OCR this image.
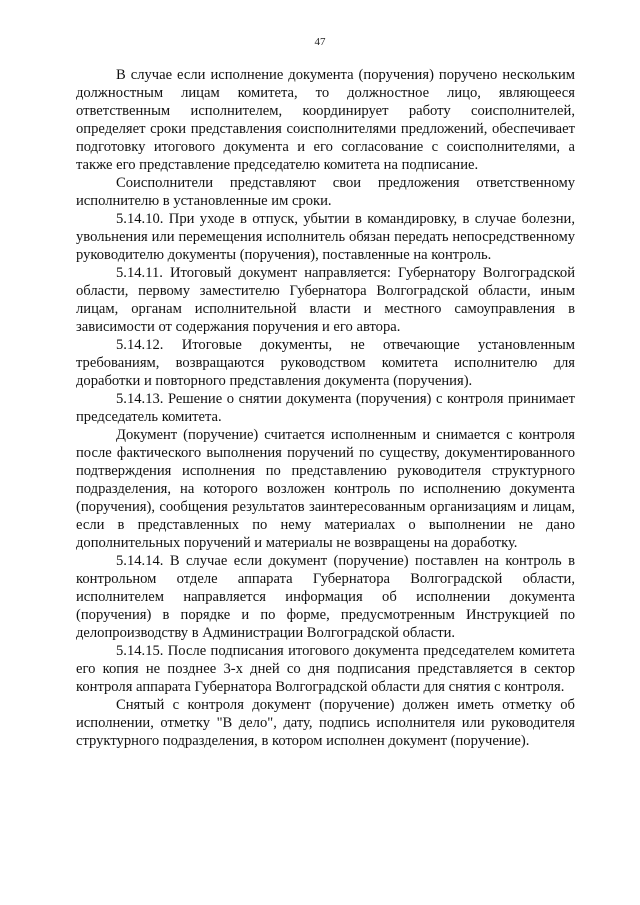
47

В случае если исполнение документа (поручения) поручено нескольким должностным лицам комитета, то должностное лицо, являющееся ответственным исполнителем, координирует работу соисполнителей, определяет сроки представления соисполнителями предложений, обеспечивает подготовку итогового документа и его согласование с соисполнителями, а также его представление председателю комитета на подписание.

Соисполнители представляют свои предложения ответственному исполнителю в установленные им сроки.

5.14.10. При уходе в отпуск, убытии в командировку, в случае болезни, увольнения или перемещения исполнитель обязан передать непосредственному руководителю документы (поручения), поставленные на контроль.

5.14.11. Итоговый документ направляется: Губернатору Волгоградской области, первому заместителю Губернатора Волгоградской области, иным лицам, органам исполнительной власти и местного самоуправления в зависимости от содержания поручения и его автора.

5.14.12. Итоговые документы, не отвечающие установленным требованиям, возвращаются руководством комитета исполнителю для доработки и повторного представления документа (поручения).

5.14.13. Решение о снятии документа (поручения) с контроля принимает председатель комитета.

Документ (поручение) считается исполненным и снимается с контроля после фактического выполнения поручений по существу, документированного подтверждения исполнения по представлению руководителя структурного подразделения, на которого возложен контроль по исполнению документа (поручения), сообщения результатов заинтересованным организациям и лицам, если в представленных по нему материалах о выполнении не дано дополнительных поручений и материалы не возвращены на доработку.

5.14.14. В случае если документ (поручение) поставлен на контроль в контрольном отделе аппарата Губернатора Волгоградской области, исполнителем направляется информация об исполнении документа (поручения) в порядке и по форме, предусмотренным Инструкцией по делопроизводству в Администрации Волгоградской области.

5.14.15. После подписания итогового документа председателем комитета его копия не позднее 3-х дней со дня подписания представляется в сектор контроля аппарата Губернатора Волгоградской области для снятия с контроля.

Снятый с контроля документ (поручение) должен иметь отметку об исполнении, отметку "В дело", дату, подпись исполнителя или руководителя структурного подразделения, в котором исполнен документ (поручение).
